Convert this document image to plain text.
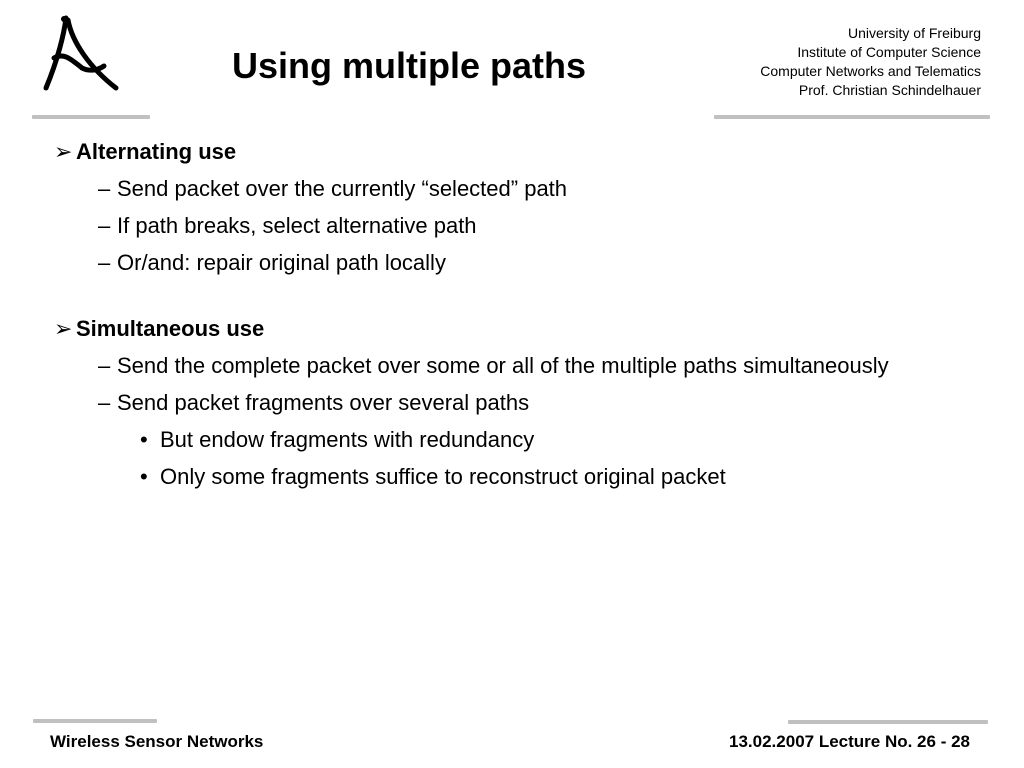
Using multiple paths
University of Freiburg
Institute of Computer Science
Computer Networks and Telematics
Prof. Christian Schindelhauer
➢ Alternating use
– Send packet over the currently “selected” path
– If path breaks, select alternative path
– Or/and: repair original path locally
➢ Simultaneous use
– Send the complete packet over some or all of the multiple paths simultaneously
– Send packet fragments over several paths
• But endow fragments with redundancy
• Only some fragments suffice to reconstruct original packet
Wireless Sensor Networks	13.02.2007 Lecture No. 26 - 28
